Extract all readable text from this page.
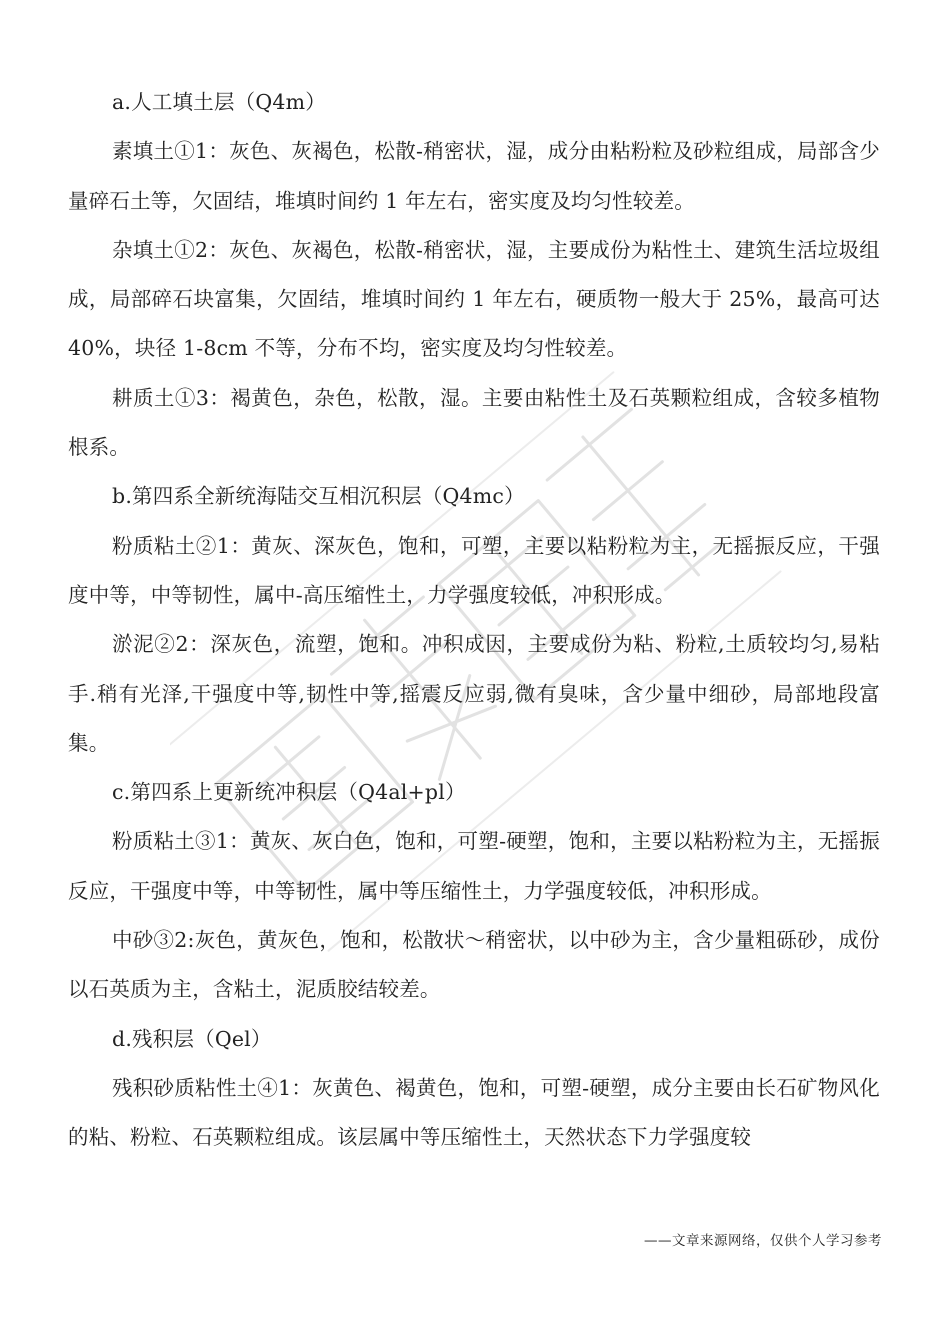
a.人工填土层（Q4m）

素填土①1：灰色、灰褐色，松散-稍密状，湿，成分由粘粉粒及砂粒组成，局部含少量碎石土等，欠固结，堆填时间约 1 年左右，密实度及均匀性较差。

杂填土①2：灰色、灰褐色，松散-稍密状，湿，主要成份为粘性土、建筑生活垃圾组成，局部碎石块富集，欠固结，堆填时间约 1 年左右，硬质物一般大于 25%，最高可达 40%，块径 1-8cm 不等，分布不均，密实度及均匀性较差。

耕质土①3：褐黄色，杂色，松散，湿。主要由粘性土及石英颗粒组成，含较多植物根系。

b.第四系全新统海陆交互相沉积层（Q4mc）

粉质粘土②1：黄灰、深灰色，饱和，可塑，主要以粘粉粒为主，无摇振反应，干强度中等，中等韧性，属中-高压缩性土，力学强度较低，冲积形成。

淤泥②2：深灰色，流塑，饱和。冲积成因，主要成份为粘、粉粒,土质较均匀,易粘手.稍有光泽,干强度中等,韧性中等,摇震反应弱,微有臭味，含少量中细砂，局部地段富集。

c.第四系上更新统冲积层（Q4al+pl）

粉质粘土③1：黄灰、灰白色，饱和，可塑-硬塑，饱和，主要以粘粉粒为主，无摇振反应，干强度中等，中等韧性，属中等压缩性土，力学强度较低，冲积形成。

中砂③2:灰色，黄灰色，饱和，松散状～稍密状，以中砂为主，含少量粗砾砂，成份以石英质为主，含粘土，泥质胶结较差。

d.残积层（Qel）

残积砂质粘性土④1：灰黄色、褐黄色，饱和，可塑-硬塑，成分主要由长石矿物风化的粘、粉粒、石英颗粒组成。该层属中等压缩性土，天然状态下力学强度较

——文章来源网络，仅供个人学习参考
